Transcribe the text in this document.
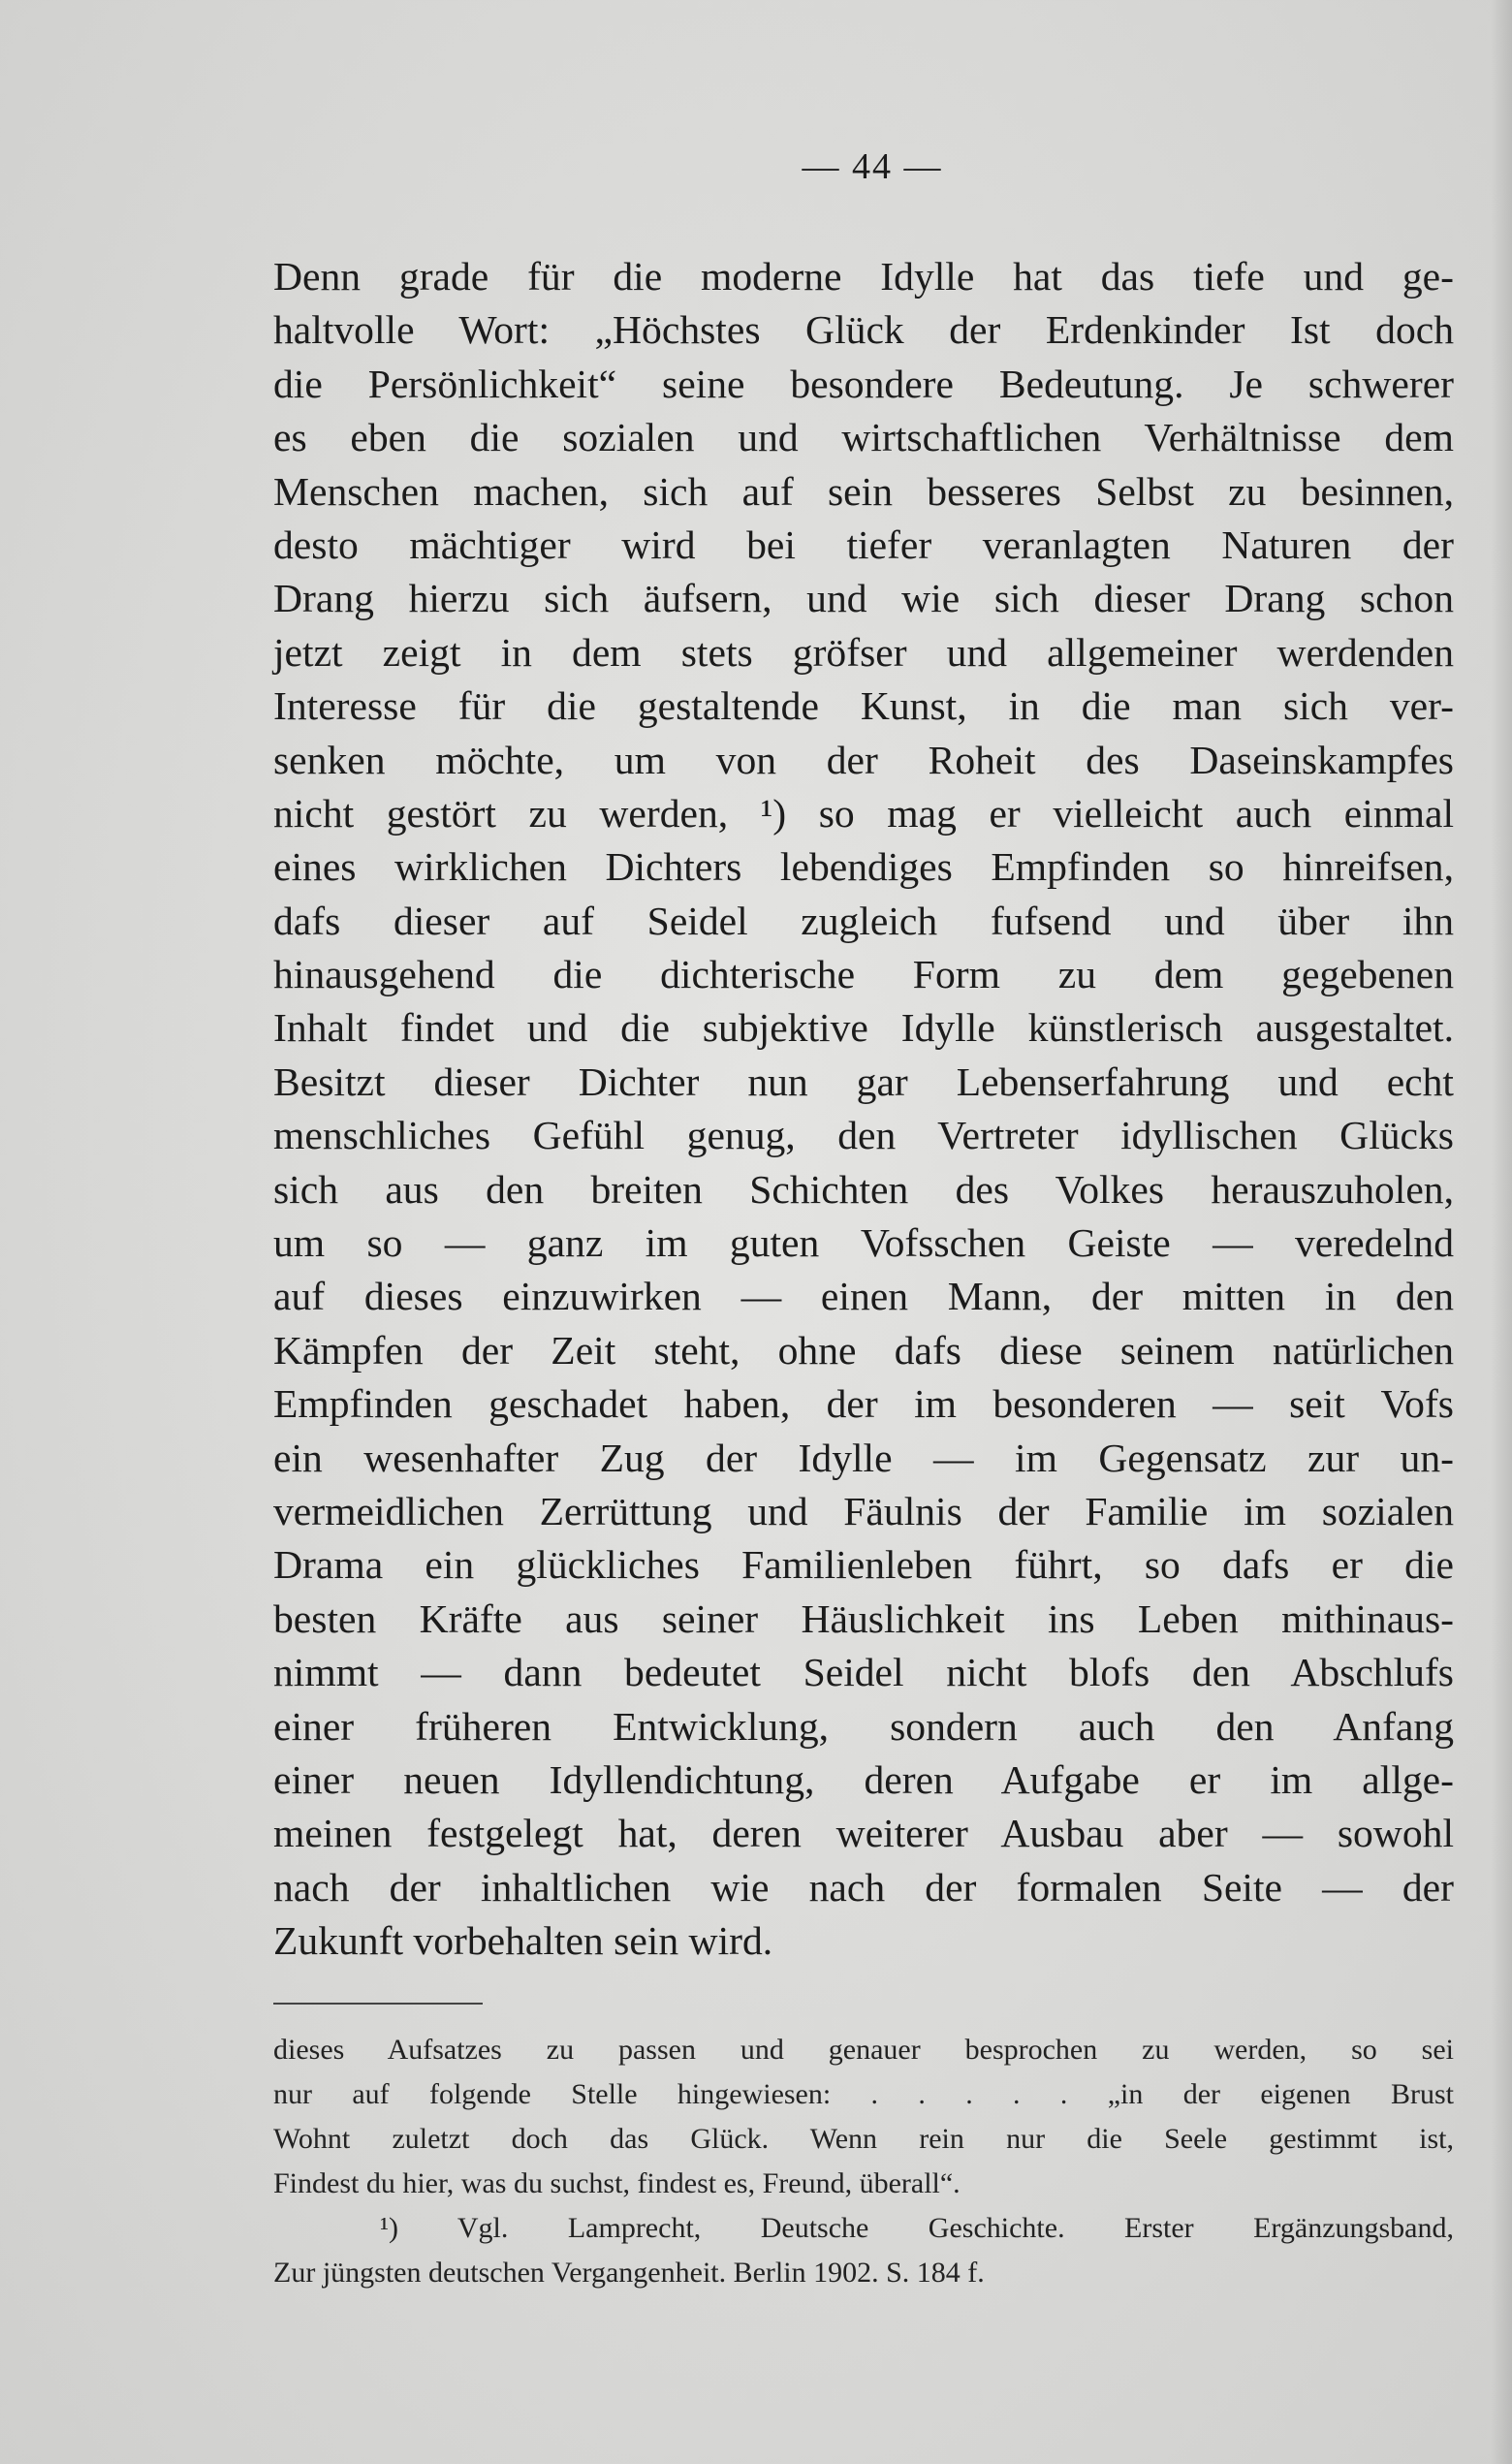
— 44 —
Denn grade für die moderne Idylle hat das tiefe und ge-
haltvolle Wort: „Höchstes Glück der Erdenkinder Ist doch
die Persönlichkeit“ seine besondere Bedeutung. Je schwerer
es eben die sozialen und wirtschaftlichen Verhältnisse dem
Menschen machen, sich auf sein besseres Selbst zu besinnen,
desto mächtiger wird bei tiefer veranlagten Naturen der
Drang hierzu sich äufsern, und wie sich dieser Drang schon
jetzt zeigt in dem stets gröfser und allgemeiner werdenden
Interesse für die gestaltende Kunst, in die man sich ver-
senken möchte, um von der Roheit des Daseinskampfes
nicht gestört zu werden, ¹) so mag er vielleicht auch einmal
eines wirklichen Dichters lebendiges Empfinden so hinreifsen,
dafs dieser auf Seidel zugleich fufsend und über ihn
hinausgehend die dichterische Form zu dem gegebenen
Inhalt findet und die subjektive Idylle künstlerisch ausgestaltet.
Besitzt dieser Dichter nun gar Lebenserfahrung und echt
menschliches Gefühl genug, den Vertreter idyllischen Glücks
sich aus den breiten Schichten des Volkes herauszuholen,
um so — ganz im guten Vofsschen Geiste — veredelnd
auf dieses einzuwirken — einen Mann, der mitten in den
Kämpfen der Zeit steht, ohne dafs diese seinem natürlichen
Empfinden geschadet haben, der im besonderen — seit Vofs
ein wesenhafter Zug der Idylle — im Gegensatz zur un-
vermeidlichen Zerrüttung und Fäulnis der Familie im sozialen
Drama ein glückliches Familienleben führt, so dafs er die
besten Kräfte aus seiner Häuslichkeit ins Leben mithinaus-
nimmt — dann bedeutet Seidel nicht blofs den Abschlufs
einer früheren Entwicklung, sondern auch den Anfang
einer neuen Idyllendichtung, deren Aufgabe er im allge-
meinen festgelegt hat, deren weiterer Ausbau aber — sowohl
nach der inhaltlichen wie nach der formalen Seite — der
Zukunft vorbehalten sein wird.
dieses Aufsatzes zu passen und genauer besprochen zu werden, so sei
nur auf folgende Stelle hingewiesen: . . . . . „in der eigenen Brust
Wohnt zuletzt doch das Glück. Wenn rein nur die Seele gestimmt ist,
Findest du hier, was du suchst, findest es, Freund, überall“.
¹) Vgl. Lamprecht, Deutsche Geschichte. Erster Ergänzungsband,
Zur jüngsten deutschen Vergangenheit. Berlin 1902. S. 184 f.
